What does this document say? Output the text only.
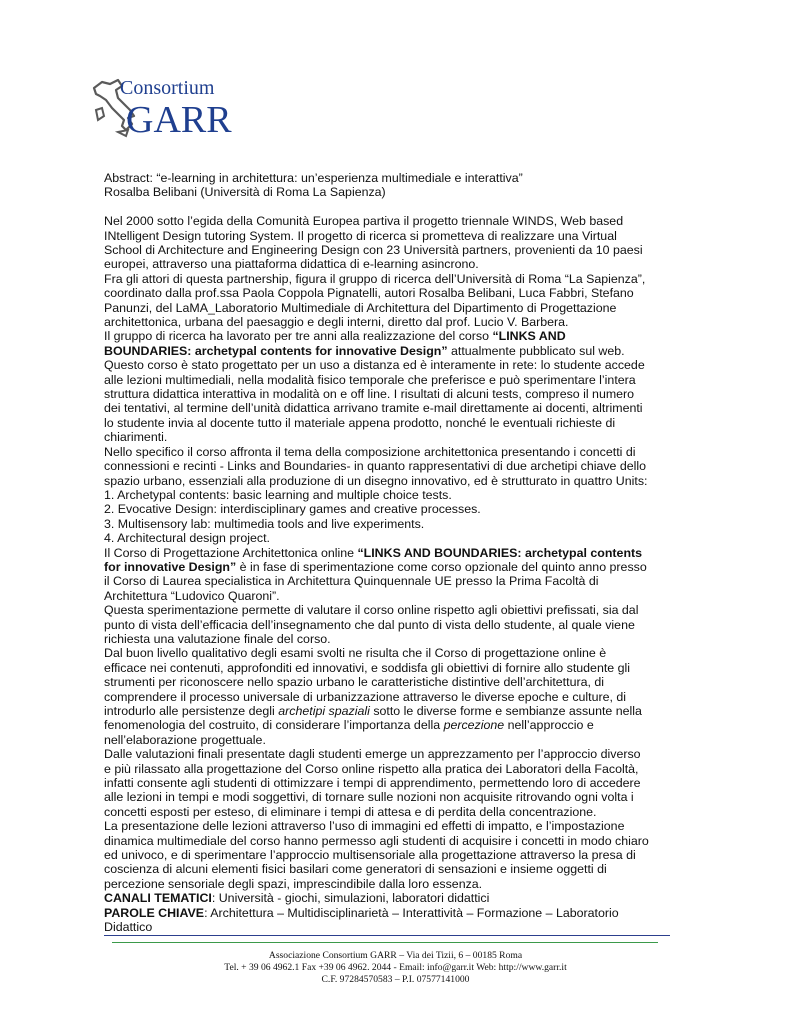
Consortium
GARR

Abstract: “e-learning in architettura: un’esperienza multimediale e interattiva”

Rosalba Belibani (Università di Roma La Sapienza)

Nel 2000 sotto l’egida della Comunità Europea partiva il progetto triennale WINDS, Web based INtelligent Design tutoring System. Il progetto di ricerca si prometteva di realizzare una Virtual School di Architecture and Engineering Design con 23 Università partners, provenienti da 10 paesi europei, attraverso una piattaforma didattica di e-learning asincrono.

Fra gli attori di questa partnership, figura il gruppo di ricerca dell’Università di Roma “La Sapienza”, coordinato dalla prof.ssa Paola Coppola Pignatelli, autori Rosalba Belibani, Luca Fabbri, Stefano Panunzi, del LaMA_Laboratorio Multimediale di Architettura del Dipartimento di Progettazione architettonica, urbana del paesaggio e degli interni, diretto dal prof. Lucio V. Barbera.

Il gruppo di ricerca ha lavorato per tre anni alla realizzazione del corso “LINKS AND BOUNDARIES: archetypal contents for innovative Design” attualmente pubblicato sul web.

Questo corso è stato progettato per un uso a distanza ed è interamente in rete: lo studente accede alle lezioni multimediali, nella modalità fisico temporale che preferisce e può sperimentare l’intera struttura didattica interattiva in modalità on e off line. I risultati di alcuni tests, compreso il numero dei tentativi, al termine dell’unità didattica arrivano tramite e-mail direttamente ai docenti, altrimenti lo studente invia al docente tutto il materiale appena prodotto, nonché le eventuali richieste di chiarimenti.

Nello specifico il corso affronta il tema della composizione architettonica presentando i concetti di connessioni e recinti - Links and Boundaries- in quanto rappresentativi di due archetipi chiave dello spazio urbano, essenziali alla produzione di un disegno innovativo, ed è strutturato in quattro Units:

1. Archetypal contents: basic learning and multiple choice tests.

2. Evocative Design: interdisciplinary games and creative processes.

3. Multisensory lab: multimedia tools and live experiments.

4. Architectural design project.

Il Corso di Progettazione Architettonica online “LINKS AND BOUNDARIES: archetypal contents for innovative Design” è in fase di sperimentazione come corso opzionale del quinto anno presso il Corso di Laurea specialistica in Architettura Quinquennale UE presso la Prima Facoltà di Architettura “Ludovico Quaroni”.

Questa sperimentazione permette di valutare il corso online rispetto agli obiettivi prefissati, sia dal punto di vista dell’efficacia dell’insegnamento che dal punto di vista dello studente, al quale viene richiesta una valutazione finale del corso.

Dal buon livello qualitativo degli esami svolti ne risulta che il Corso di progettazione online è efficace nei contenuti, approfonditi ed innovativi, e soddisfa gli obiettivi di fornire allo studente gli strumenti per riconoscere nello spazio urbano le caratteristiche distintive dell’architettura, di comprendere il processo universale di urbanizzazione attraverso le diverse epoche e culture, di introdurlo alle persistenze degli archetipi spaziali sotto le diverse forme e sembianze assunte nella fenomenologia del costruito, di considerare l’importanza della percezione nell’approccio e nell’elaborazione progettuale.

Dalle valutazioni finali presentate dagli studenti emerge un apprezzamento per l’approccio diverso e più rilassato alla progettazione del Corso online rispetto alla pratica dei Laboratori della Facoltà, infatti consente agli studenti di ottimizzare i tempi di apprendimento, permettendo loro di accedere alle lezioni in tempi e modi soggettivi, di tornare sulle nozioni non acquisite ritrovando ogni volta i concetti esposti per esteso, di eliminare i tempi di attesa e di perdita della concentrazione.

La presentazione delle lezioni attraverso l’uso di immagini ed effetti di impatto, e l’impostazione dinamica multimediale del corso hanno permesso agli studenti di acquisire i concetti in modo chiaro ed univoco, e di sperimentare l’approccio multisensoriale alla progettazione attraverso la presa di coscienza di alcuni elementi fisici basilari come generatori di sensazioni e insieme oggetti di percezione sensoriale degli spazi, imprescindibile dalla loro essenza.

CANALI TEMATICI: Università - giochi, simulazioni, laboratori didattici

PAROLE CHIAVE: Architettura – Multidisciplinarietà – Interattività – Formazione – Laboratorio Didattico

Associazione Consortium GARR – Via dei Tizii, 6 – 00185 Roma
Tel. + 39 06 4962.1 Fax +39 06 4962. 2044 - Email: info@garr.it Web: http://www.garr.it
C.F. 97284570583 – P.I. 07577141000
